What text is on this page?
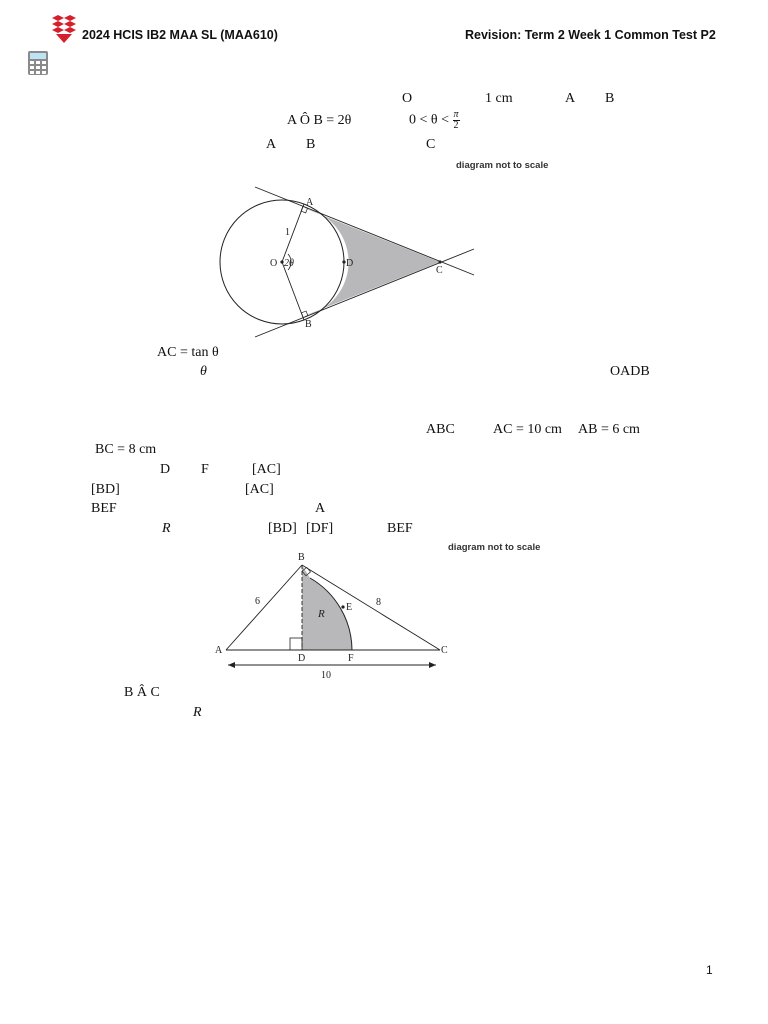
2024 HCIS IB2 MAA SL (MAA610)	Revision: Term 2 Week 1 Common Test P2
O	1 cm	A B
A Ô B = 2θ	$0 < \theta < \frac{\pi}{2}$
A B	C
diagram not to scale
A
B
O 2θ	D
C
1
AC = tan θ
θ	OADB
ABC	AC = 10 cm AB = 6 cm
BC = 8 cm
D F	[AC]
[BD]	[AC]
BEF	A
R	[BD] [DF]	BEF
diagram not to scale
A
B
C
D
E
F
R
6	8
10
B Â C
R
1
